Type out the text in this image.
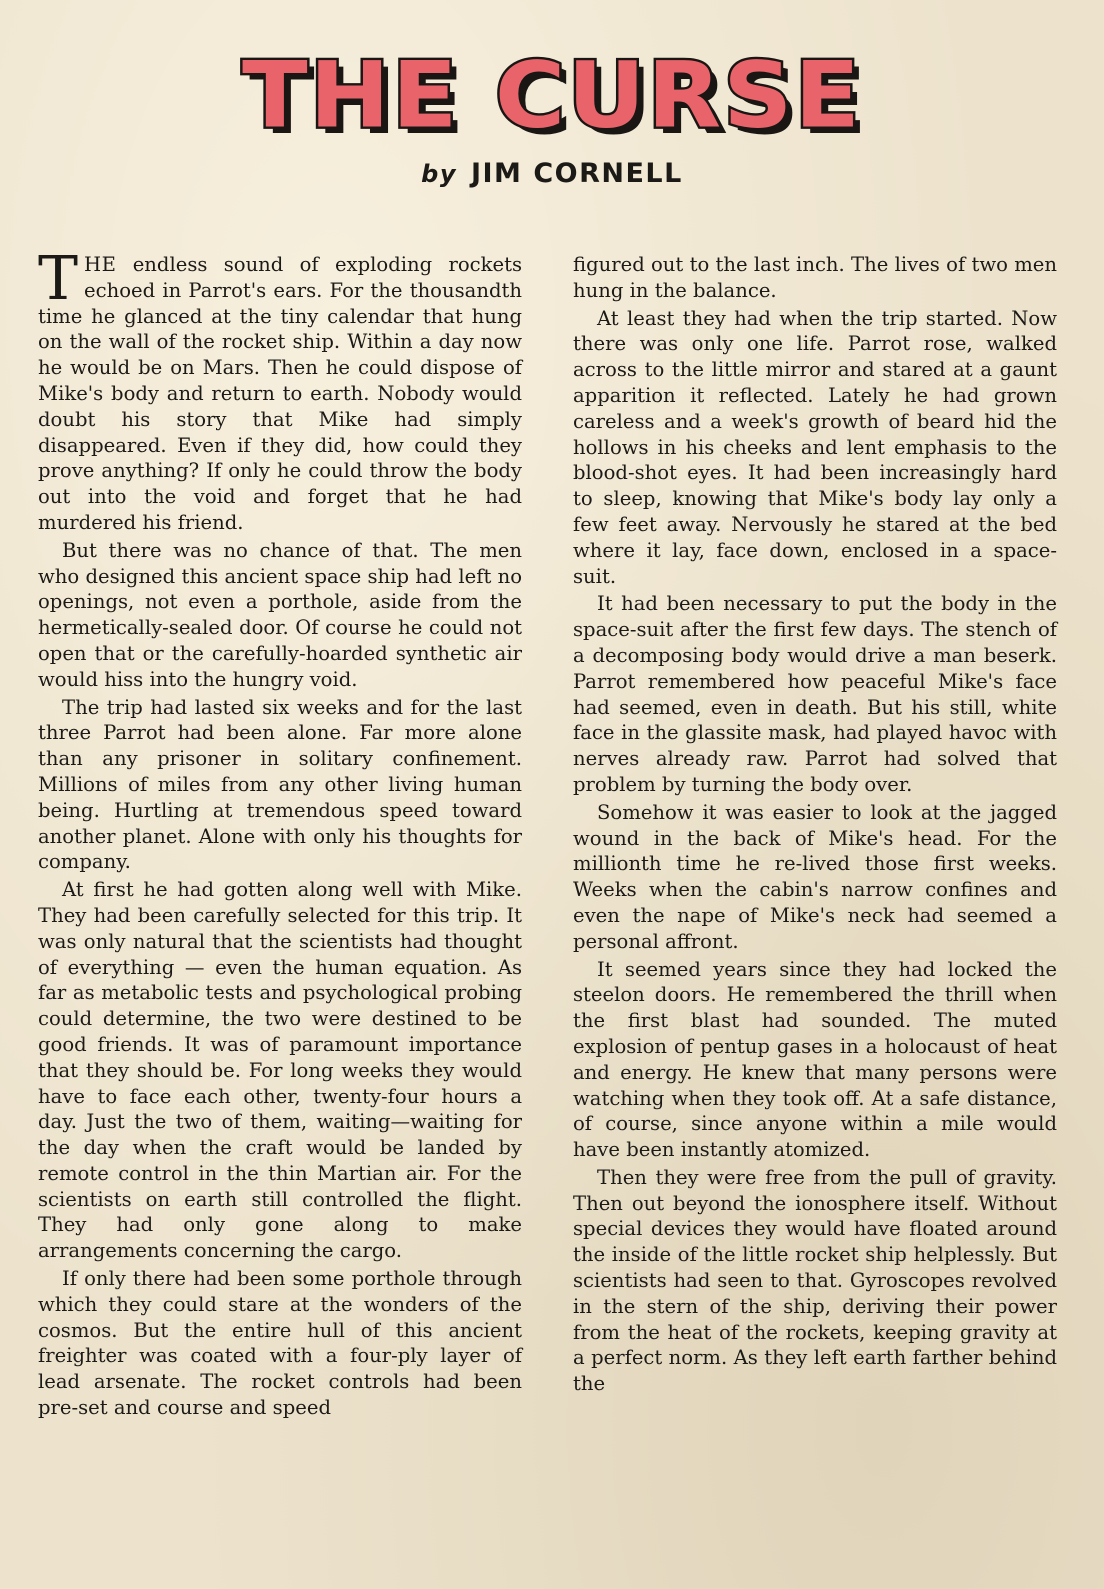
THE CURSE
by JIM CORNELL

THE endless sound of exploding rockets echoed in Parrot's ears. For the thousandth time he glanced at the tiny calendar that hung on the wall of the rocket ship. Within a day now he would be on Mars. Then he could dispose of Mike's body and return to earth. Nobody would doubt his story that Mike had simply disappeared. Even if they did, how could they prove anything? If only he could throw the body out into the void and forget that he had murdered his friend.

But there was no chance of that. The men who designed this ancient space ship had left no openings, not even a porthole, aside from the hermetically-sealed door. Of course he could not open that or the carefully-hoarded synthetic air would hiss into the hungry void.

The trip had lasted six weeks and for the last three Parrot had been alone. Far more alone than any prisoner in solitary confinement. Millions of miles from any other living human being. Hurtling at tremendous speed toward another planet. Alone with only his thoughts for company.

At first he had gotten along well with Mike. They had been carefully selected for this trip. It was only natural that the scientists had thought of everything — even the human equation. As far as metabolic tests and psychological probing could determine, the two were destined to be good friends. It was of paramount importance that they should be. For long weeks they would have to face each other, twenty-four hours a day. Just the two of them, waiting—waiting for the day when the craft would be landed by remote control in the thin Martian air. For the scientists on earth still controlled the flight. They had only gone along to make arrangements concerning the cargo.

If only there had been some porthole through which they could stare at the wonders of the cosmos. But the entire hull of this ancient freighter was coated with a four-ply layer of lead arsenate. The rocket controls had been pre-set and course and speed

figured out to the last inch. The lives of two men hung in the balance.

At least they had when the trip started. Now there was only one life. Parrot rose, walked across to the little mirror and stared at a gaunt apparition it reflected. Lately he had grown careless and a week's growth of beard hid the hollows in his cheeks and lent emphasis to the blood-shot eyes. It had been increasingly hard to sleep, knowing that Mike's body lay only a few feet away. Nervously he stared at the bed where it lay, face down, enclosed in a space-suit.

It had been necessary to put the body in the space-suit after the first few days. The stench of a decomposing body would drive a man beserk. Parrot remembered how peaceful Mike's face had seemed, even in death. But his still, white face in the glassite mask, had played havoc with nerves already raw. Parrot had solved that problem by turning the body over.

Somehow it was easier to look at the jagged wound in the back of Mike's head. For the millionth time he re-lived those first weeks. Weeks when the cabin's narrow confines and even the nape of Mike's neck had seemed a personal affront.

It seemed years since they had locked the steelon doors. He remembered the thrill when the first blast had sounded. The muted explosion of pentup gases in a holocaust of heat and energy. He knew that many persons were watching when they took off. At a safe distance, of course, since anyone within a mile would have been instantly atomized.

Then they were free from the pull of gravity. Then out beyond the ionosphere itself. Without special devices they would have floated around the inside of the little rocket ship helplessly. But scientists had seen to that. Gyroscopes revolved in the stern of the ship, deriving their power from the heat of the rockets, keeping gravity at a perfect norm. As they left earth farther behind the
